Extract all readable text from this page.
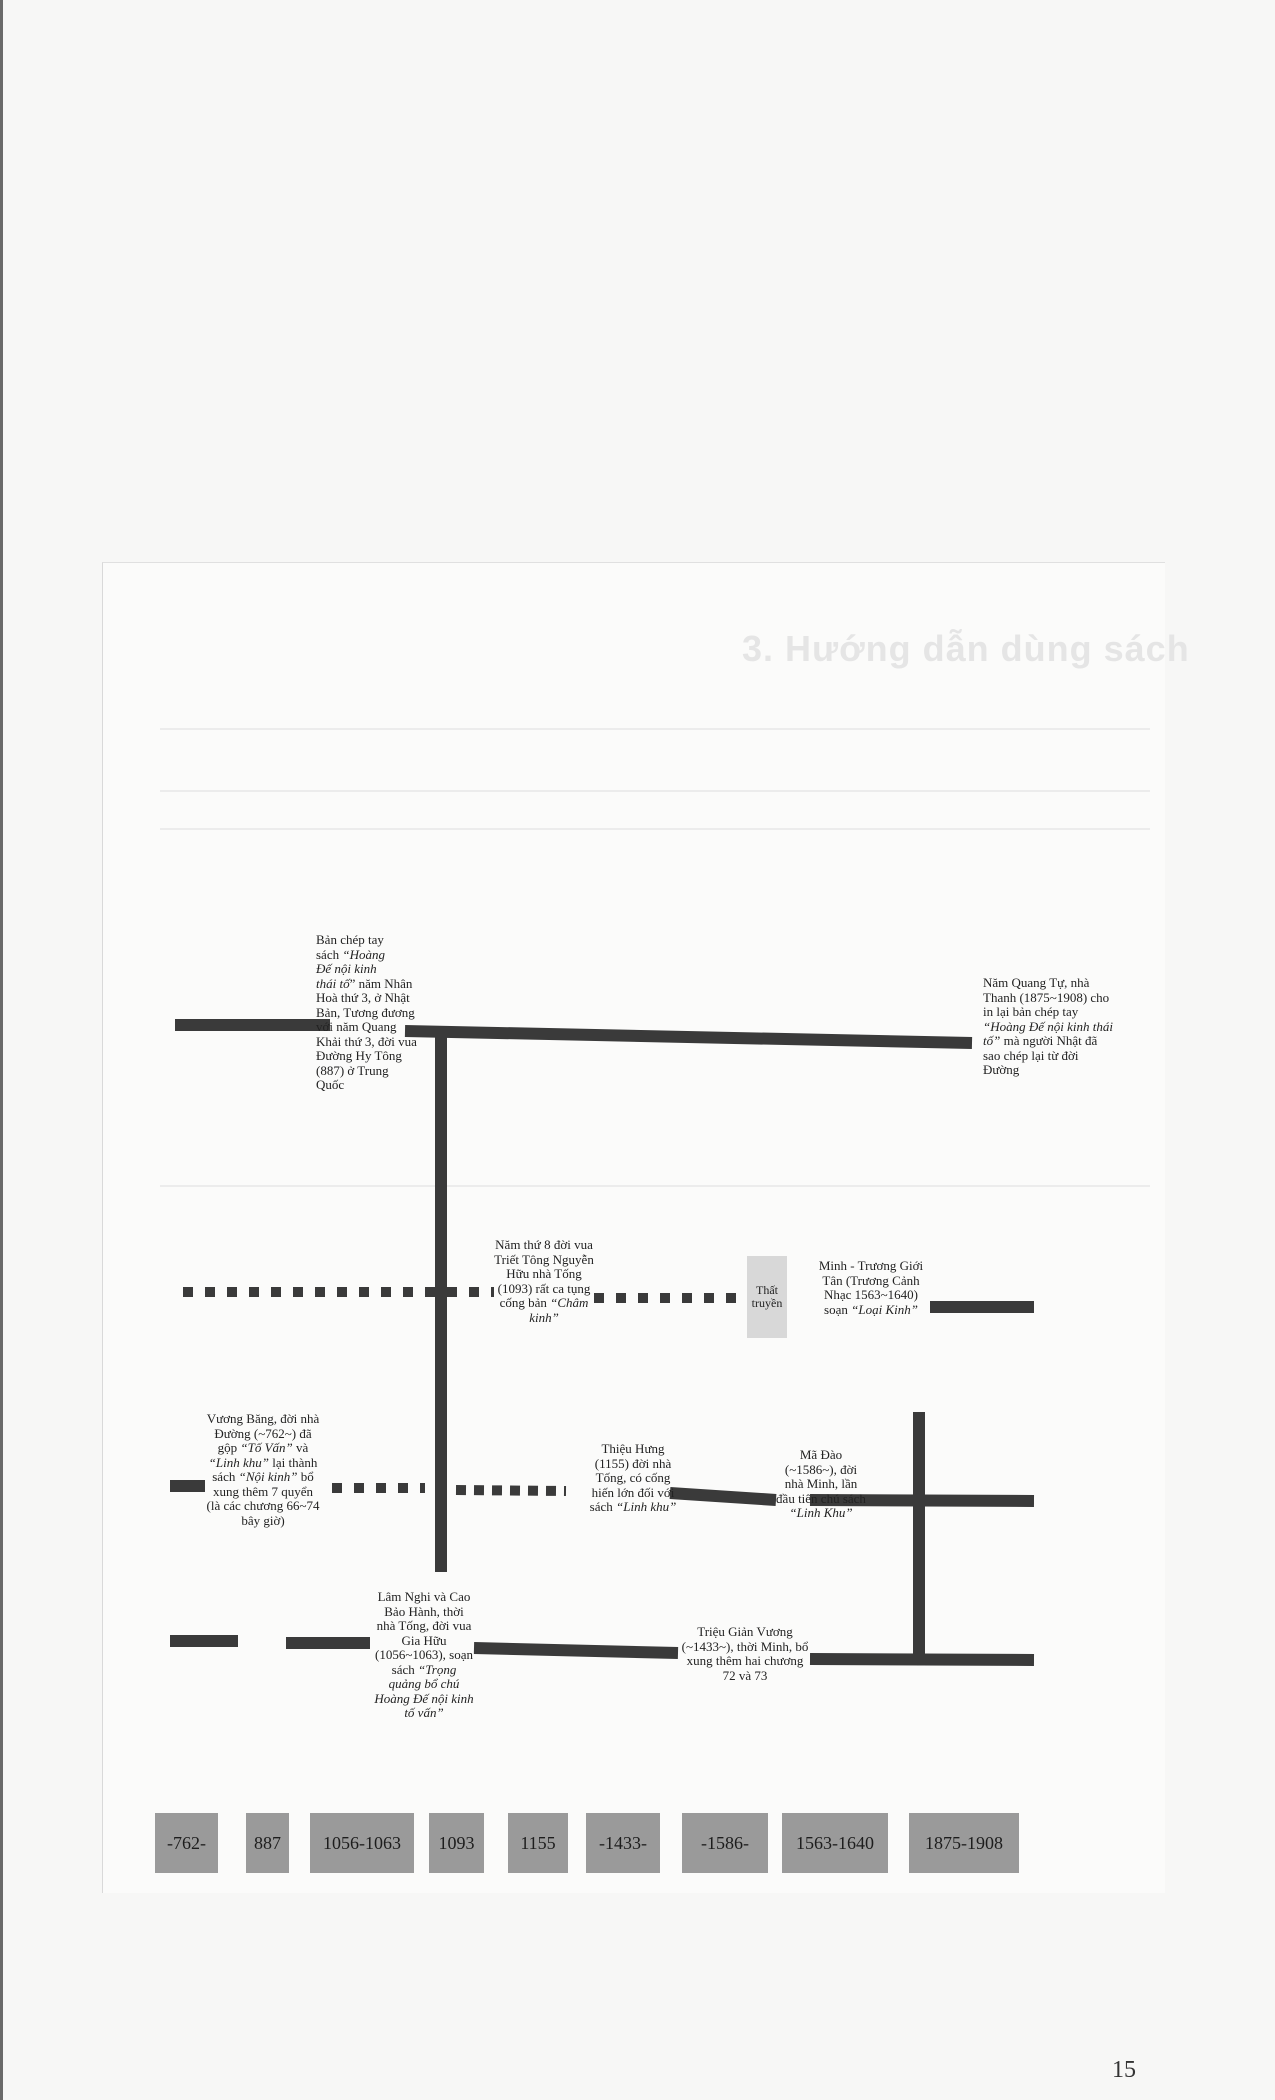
3. Hướng dẫn dùng sách
Bản chép tay
sách “Hoàng
Đế nội kinh
thái tố” năm Nhân Hoà thứ 3, ở Nhật Bản, Tương đương với năm Quang Khải thứ 3, đời vua Đường Hy Tông (887) ở Trung Quốc
Năm Quang Tự, nhà Thanh (1875~1908) cho in lại bản chép tay “Hoàng Đế nội kinh thái tố” mà người Nhật đã sao chép lại từ đời Đường
Năm thứ 8 đời vua Triết Tông Nguyễn Hữu nhà Tống (1093) rất ca tụng cống bản “Châm kinh”
Thất truyền
Minh - Trương Giới Tân (Trương Cảnh Nhạc 1563~1640) soạn “Loại Kinh”
Vương Băng, đời nhà Đường (~762~) đã gộp “Tố Vấn” và “Linh khu” lại thành sách “Nội kinh” bổ xung thêm 7 quyển (là các chương 66~74 bây giờ)
Thiệu Hưng (1155) đời nhà Tống, có cống hiến lớn đối với sách “Linh khu”
Mã Đào (~1586~), đời nhà Minh, lần đầu tiên chú sách “Linh Khu”
Lâm Nghi và Cao Bảo Hành, thời nhà Tống, đời vua Gia Hữu (1056~1063), soạn sách “Trọng quảng bổ chú Hoàng Đế nội kinh tố vấn”
Triệu Giản Vương (~1433~), thời Minh, bổ xung thêm hai chương 72 và 73
-762-	887	1056-1063	1093	1155	-1433-	-1586-	1563-1640	1875-1908
15
